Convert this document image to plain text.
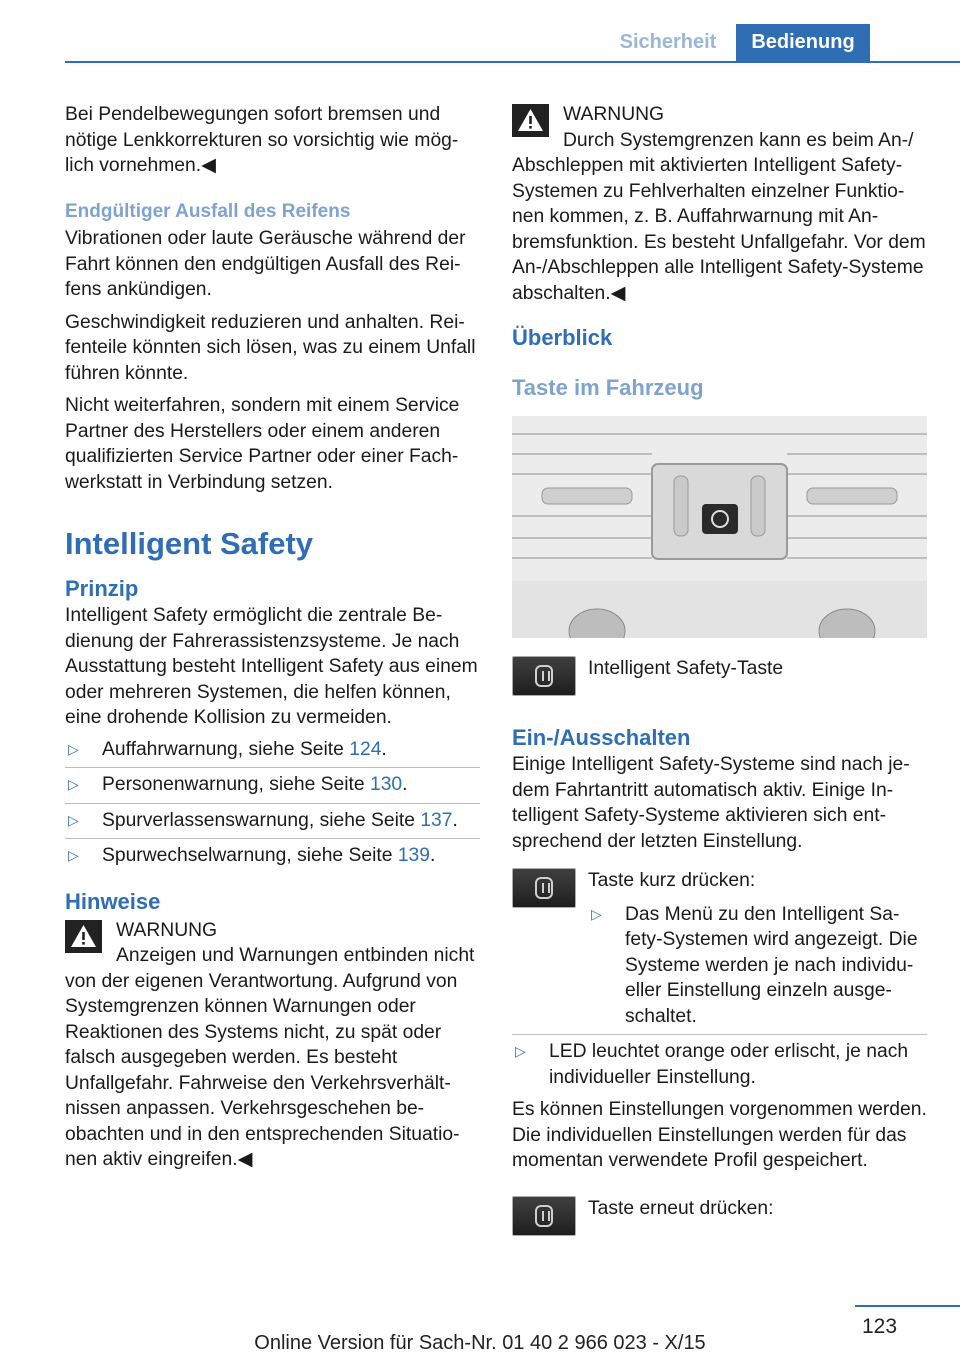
Sicherheit	Bedienung

Bei Pendelbewegungen sofort bremsen und nötige Lenkkorrekturen so vorsichtig wie möglich vornehmen.◀

Endgültiger Ausfall des Reifens

Vibrationen oder laute Geräusche während der Fahrt können den endgültigen Ausfall des Reifens ankündigen.

Geschwindigkeit reduzieren und anhalten. Reifenteile könnten sich lösen, was zu einem Unfall führen könnte.

Nicht weiterfahren, sondern mit einem Service Partner des Herstellers oder einem anderen qualifizierten Service Partner oder einer Fachwerkstatt in Verbindung setzen.

Intelligent Safety
Prinzip

Intelligent Safety ermöglicht die zentrale Bedienung der Fahrerassistenzsysteme. Je nach Ausstattung besteht Intelligent Safety aus einem oder mehreren Systemen, die helfen können, eine drohende Kollision zu vermeiden.

▷	Auffahrwarnung, siehe Seite 124.
▷	Personenwarnung, siehe Seite 130.
▷	Spurverlassenswarnung, siehe Seite 137.
▷	Spurwechselwarnung, siehe Seite 139.
Hinweise
WARNUNG
Anzeigen und Warnungen entbinden nicht von der eigenen Verantwortung. Aufgrund von Systemgrenzen können Warnungen oder Reaktionen des Systems nicht, zu spät oder falsch ausgegeben werden. Es besteht Unfallgefahr. Fahrweise den Verkehrsverhältnissen anpassen. Verkehrsgeschehen beobachten und in den entsprechenden Situationen aktiv eingreifen.◀
WARNUNG
Durch Systemgrenzen kann es beim An-/ Abschleppen mit aktivierten Intelligent Safety-Systemen zu Fehlverhalten einzelner Funktionen kommen, z. B. Auffahrwarnung mit Anbremsfunktion. Es besteht Unfallgefahr. Vor dem An-/Abschleppen alle Intelligent Safety-Systeme abschalten.◀
Überblick
Taste im Fahrzeug
Intelligent Safety-Taste
Ein-/Ausschalten

Einige Intelligent Safety-Systeme sind nach jedem Fahrtantritt automatisch aktiv. Einige Intelligent Safety-Systeme aktivieren sich entsprechend der letzten Einstellung.

Taste kurz drücken:
▷	Das Menü zu den Intelligent Safety-Systemen wird angezeigt. Die Systeme werden je nach individueller Einstellung einzeln ausgeschaltet.
▷	LED leuchtet orange oder erlischt, je nach individueller Einstellung.

Es können Einstellungen vorgenommen werden. Die individuellen Einstellungen werden für das momentan verwendete Profil gespeichert.

Taste erneut drücken:
123
Online Version für Sach-Nr. 01 40 2 966 023 - X/15
